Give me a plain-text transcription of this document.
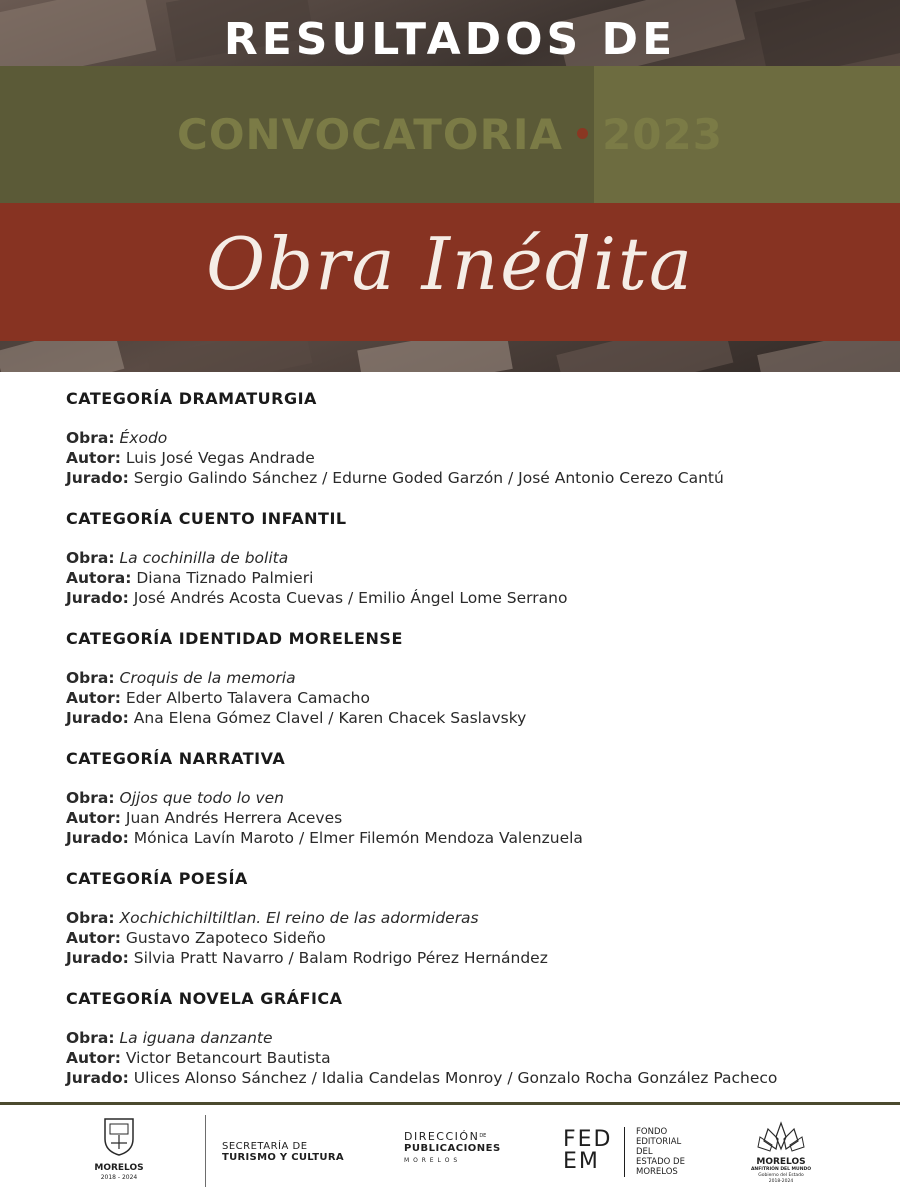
RESULTADOS DE
CONVOCATORIA 2023
Obra Inédita
CATEGORÍA DRAMATURGIA
Obra: Éxodo
Autor: Luis José Vegas Andrade
Jurado: Sergio Galindo Sánchez / Edurne Goded Garzón / José Antonio Cerezo Cantú
CATEGORÍA CUENTO INFANTIL
Obra: La cochinilla de bolita
Autora: Diana Tiznado Palmieri
Jurado: José Andrés Acosta Cuevas / Emilio Ángel Lome Serrano
CATEGORÍA IDENTIDAD MORELENSE
Obra: Croquis de la memoria
Autor: Eder Alberto Talavera Camacho
Jurado: Ana Elena Gómez Clavel / Karen Chacek Saslavsky
CATEGORÍA NARRATIVA
Obra: Ojjos que todo lo ven
Autor: Juan Andrés Herrera Aceves
Jurado: Mónica Lavín Maroto / Elmer Filemón Mendoza Valenzuela
CATEGORÍA POESÍA
Obra: Xochichichiltiltlan. El reino de las adormideras
Autor: Gustavo Zapoteco Sideño
Jurado: Silvia Pratt Navarro / Balam Rodrigo Pérez Hernández
CATEGORÍA NOVELA GRÁFICA
Obra: La iguana danzante
Autor: Victor Betancourt Bautista
Jurado: Ulices Alonso Sánchez / Idalia Candelas Monroy / Gonzalo Rocha González Pacheco
MORELOS
2018 - 2024
SECRETARÍA DE
TURISMO Y CULTURA
$DIRECCIÓN^{DE}$
PUBLICACIONES
M O R E L O S
FED
EM
FONDO
EDITORIAL
DEL
ESTADO DE
MORELOS
MORELOS
ANFITRIÓN DEL MUNDO
Gobierno del Estado
2018-2024
